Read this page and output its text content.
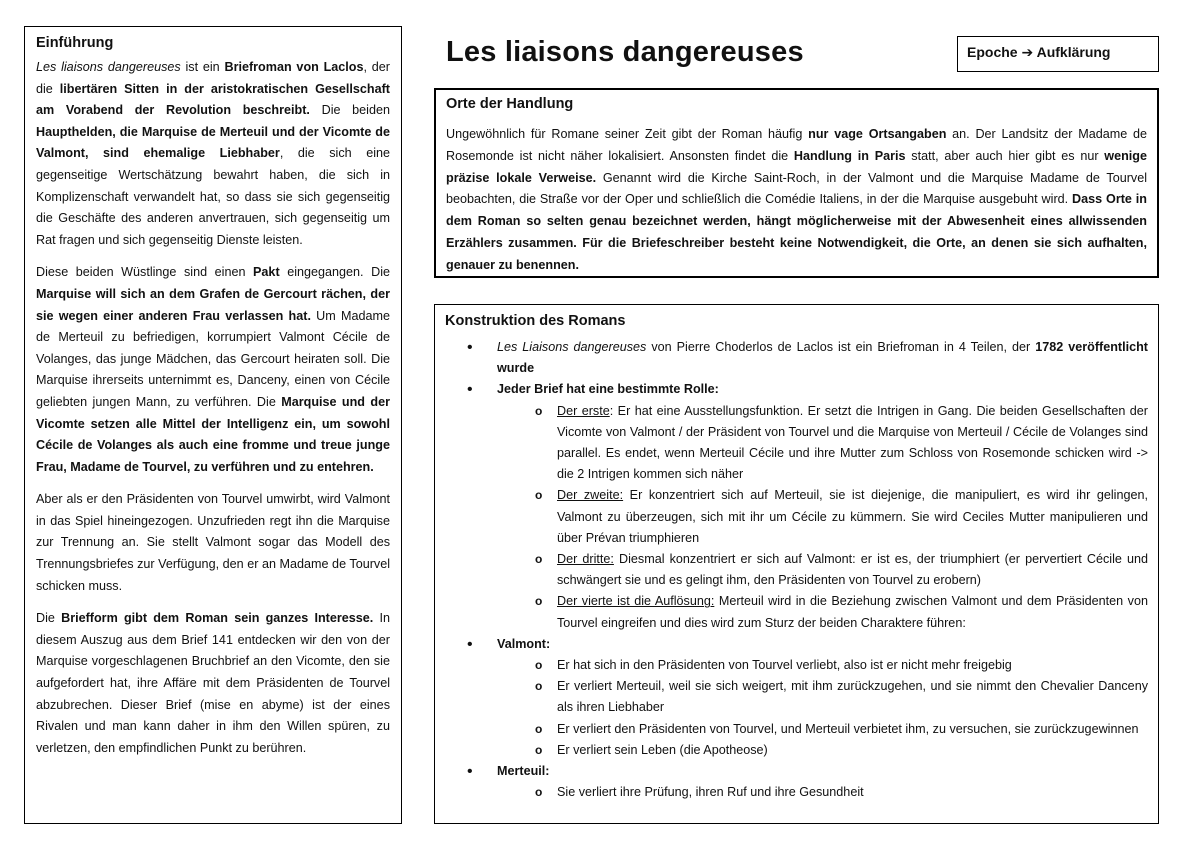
Einführung

Les liaisons dangereuses ist ein Briefroman von Laclos, der die libertären Sitten in der aristokratischen Gesellschaft am Vorabend der Revolution beschreibt. Die beiden Haupthelden, die Marquise de Merteuil und der Vicomte de Valmont, sind ehemalige Liebhaber, die sich eine gegenseitige Wertschätzung bewahrt haben, die sich in Komplizenschaft verwandelt hat, so dass sie sich gegenseitig die Geschäfte des anderen anvertrauen, sich gegenseitig um Rat fragen und sich gegenseitig Dienste leisten.

Diese beiden Wüstlinge sind einen Pakt eingegangen. Die Marquise will sich an dem Grafen de Gercourt rächen, der sie wegen einer anderen Frau verlassen hat. Um Madame de Merteuil zu befriedigen, korrumpiert Valmont Cécile de Volanges, das junge Mädchen, das Gercourt heiraten soll. Die Marquise ihrerseits unternimmt es, Danceny, einen von Cécile geliebten jungen Mann, zu verführen. Die Marquise und der Vicomte setzen alle Mittel der Intelligenz ein, um sowohl Cécile de Volanges als auch eine fromme und treue junge Frau, Madame de Tourvel, zu verführen und zu entehren.

Aber als er den Präsidenten von Tourvel umwirbt, wird Valmont in das Spiel hineingezogen. Unzufrieden regt ihn die Marquise zur Trennung an. Sie stellt Valmont sogar das Modell des Trennungsbriefes zur Verfügung, den er an Madame de Tourvel schicken muss.

Die Briefform gibt dem Roman sein ganzes Interesse. In diesem Auszug aus dem Brief 141 entdecken wir den von der Marquise vorgeschlagenen Bruchbrief an den Vicomte, den sie aufgefordert hat, ihre Affäre mit dem Präsidenten de Tourvel abzubrechen. Dieser Brief (mise en abyme) ist der eines Rivalen und man kann daher in ihm den Willen spüren, zu verletzen, den empfindlichen Punkt zu berühren.

Les liaisons dangereuses	Epoche ➔ Aufklärung
Orte der Handlung

Ungewöhnlich für Romane seiner Zeit gibt der Roman häufig nur vage Ortsangaben an. Der Landsitz der Madame de Rosemonde ist nicht näher lokalisiert. Ansonsten findet die Handlung in Paris statt, aber auch hier gibt es nur wenige präzise lokale Verweise. Genannt wird die Kirche Saint-Roch, in der Valmont und die Marquise Madame de Tourvel beobachten, die Straße vor der Oper und schließlich die Comédie Italiens, in der die Marquise ausgebuht wird. Dass Orte in dem Roman so selten genau bezeichnet werden, hängt möglicherweise mit der Abwesenheit eines allwissenden Erzählers zusammen. Für die Briefeschreiber besteht keine Notwendigkeit, die Orte, an denen sie sich aufhalten, genauer zu benennen.

Konstruktion des Romans
• Les Liaisons dangereuses von Pierre Choderlos de Laclos ist ein Briefroman in 4 Teilen, der 1782 veröffentlicht wurde
• Jeder Brief hat eine bestimmte Rolle:
o Der erste: Er hat eine Ausstellungsfunktion. Er setzt die Intrigen in Gang. Die beiden Gesellschaften der Vicomte von Valmont / der Präsident von Tourvel und die Marquise von Merteuil / Cécile de Volanges sind parallel. Es endet, wenn Merteuil Cécile und ihre Mutter zum Schloss von Rosemonde schicken wird -> die 2 Intrigen kommen sich näher
o Der zweite: Er konzentriert sich auf Merteuil, sie ist diejenige, die manipuliert, es wird ihr gelingen, Valmont zu überzeugen, sich mit ihr um Cécile zu kümmern. Sie wird Ceciles Mutter manipulieren und über Prévan triumphieren
o Der dritte: Diesmal konzentriert er sich auf Valmont: er ist es, der triumphiert (er pervertiert Cécile und schwängert sie und es gelingt ihm, den Präsidenten von Tourvel zu erobern)
o Der vierte ist die Auflösung: Merteuil wird in die Beziehung zwischen Valmont und dem Präsidenten von Tourvel eingreifen und dies wird zum Sturz der beiden Charaktere führen:
• Valmont:
o Er hat sich in den Präsidenten von Tourvel verliebt, also ist er nicht mehr freigebig
o Er verliert Merteuil, weil sie sich weigert, mit ihm zurückzugehen, und sie nimmt den Chevalier Danceny als ihren Liebhaber
o Er verliert den Präsidenten von Tourvel, und Merteuil verbietet ihm, zu versuchen, sie zurückzugewinnen
o Er verliert sein Leben (die Apotheose)
• Merteuil:
o Sie verliert ihre Prüfung, ihren Ruf und ihre Gesundheit
